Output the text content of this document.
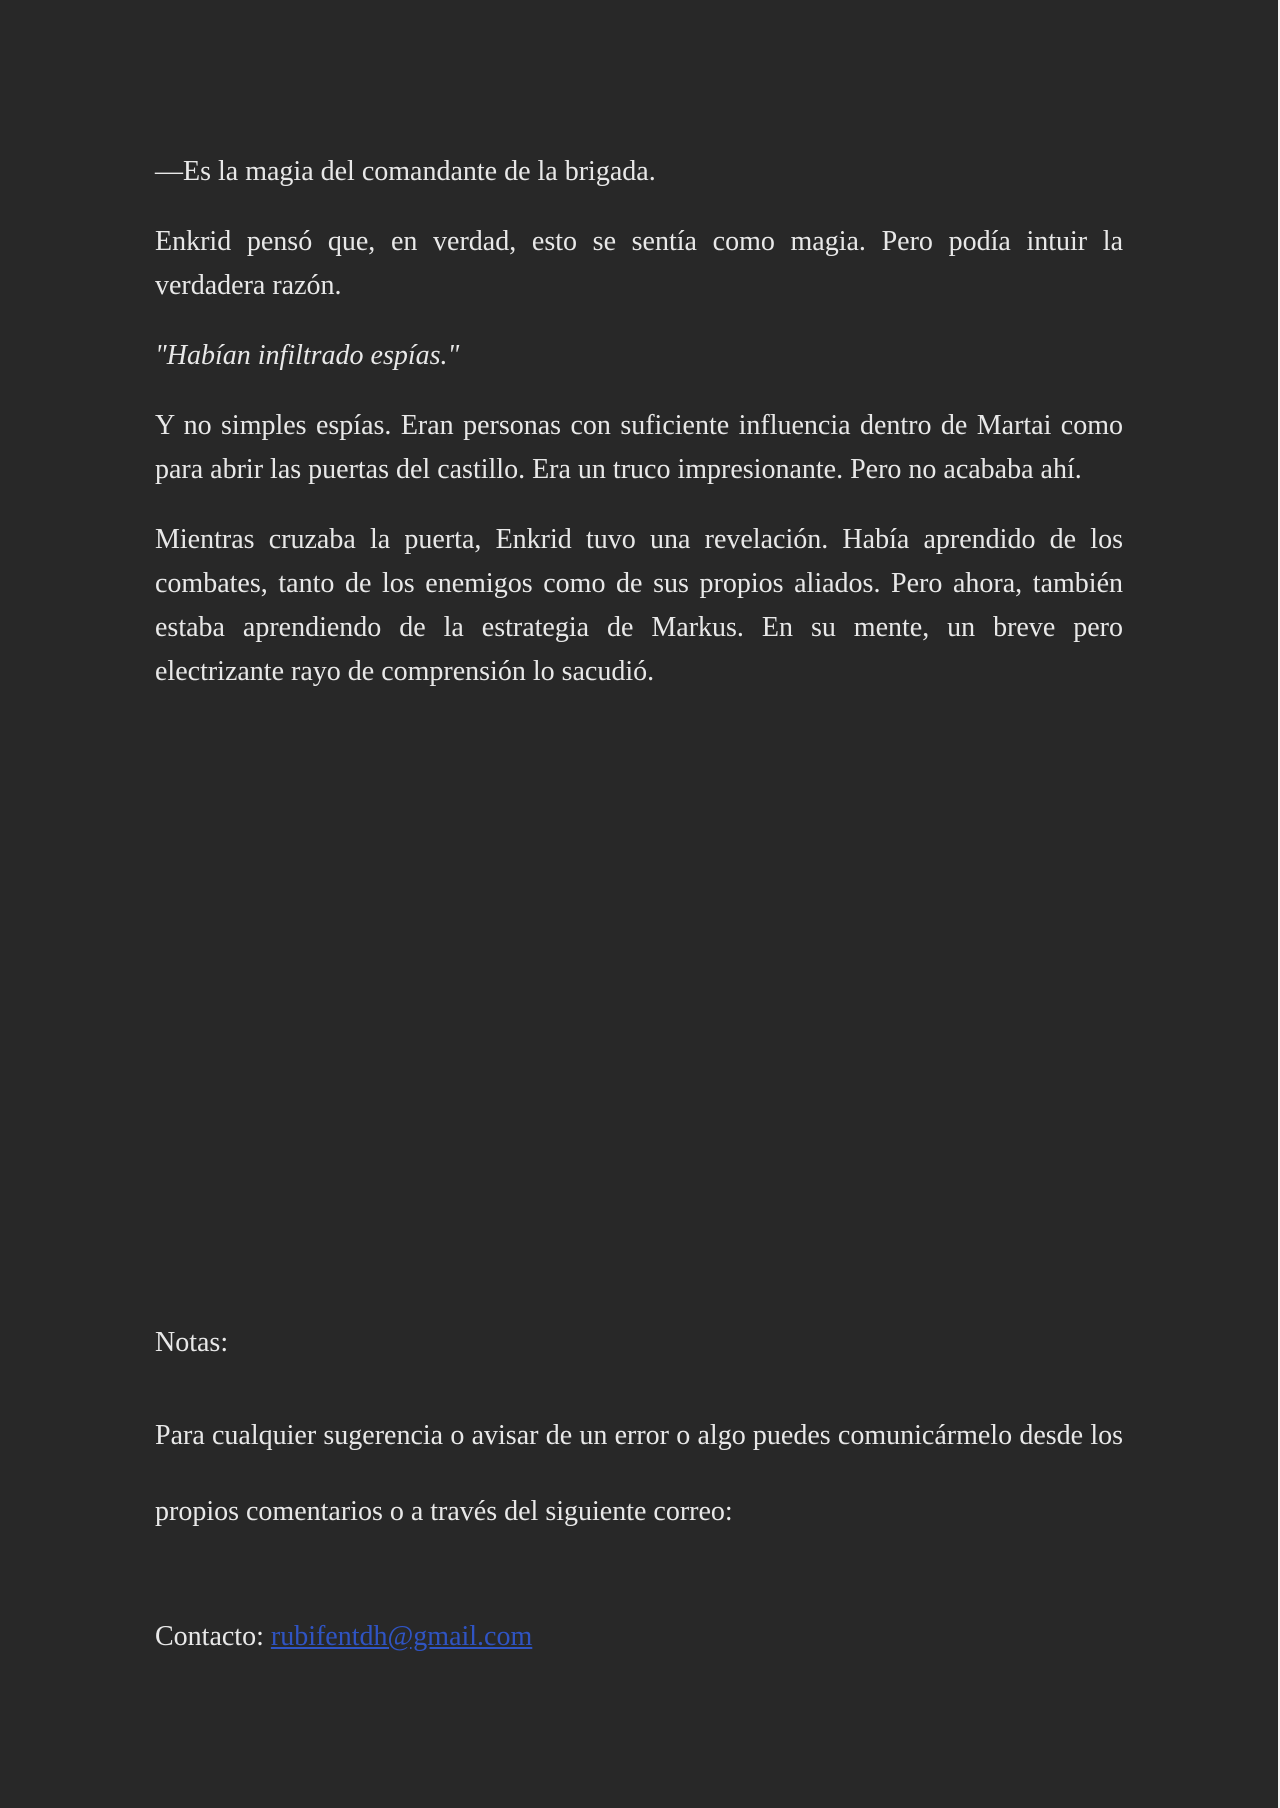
—Es la magia del comandante de la brigada.

Enkrid pensó que, en verdad, esto se sentía como magia. Pero podía intuir la verdadera razón.

"Habían infiltrado espías."

Y no simples espías. Eran personas con suficiente influencia dentro de Martai como para abrir las puertas del castillo. Era un truco impresionante. Pero no acababa ahí.

Mientras cruzaba la puerta, Enkrid tuvo una revelación. Había aprendido de los combates, tanto de los enemigos como de sus propios aliados. Pero ahora, también estaba aprendiendo de la estrategia de Markus. En su mente, un breve pero electrizante rayo de comprensión lo sacudió.

Notas:

Para cualquier sugerencia o avisar de un error o algo puedes comunicármelo desde los propios comentarios o a través del siguiente correo:

Contacto: rubifentdh@gmail.com
